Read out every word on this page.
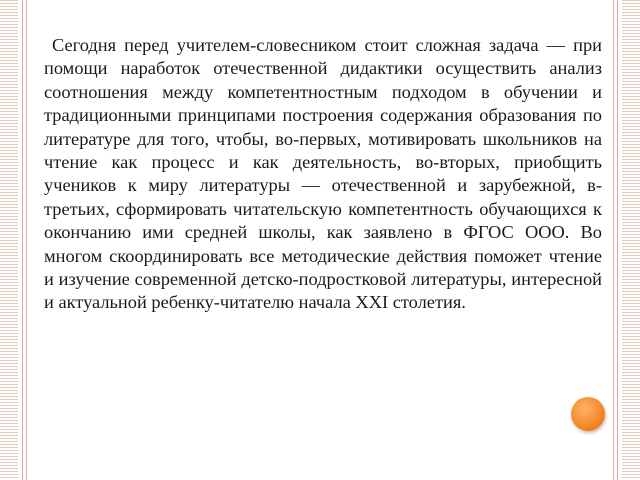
Сегодня перед учителем-словесником стоит сложная задача — при помощи наработок отечественной дидактики осуществить анализ соотношения между компетентностным подходом в обучении и традиционными принципами построения содержания образования по литературе для того, чтобы, во-первых, мотивировать школьников на чтение как процесс и как деятельность, во-вторых, приобщить учеников к миру литературы — отечественной и зарубежной, в-третьих, сформировать читательскую компетентность обучающихся к окончанию ими средней школы, как заявлено в ФГОС ООО. Во многом скоординировать все методические действия поможет чтение и изучение современной детско-подростковой литературы, интересной и актуальной ребенку-читателю начала XXI столетия.
